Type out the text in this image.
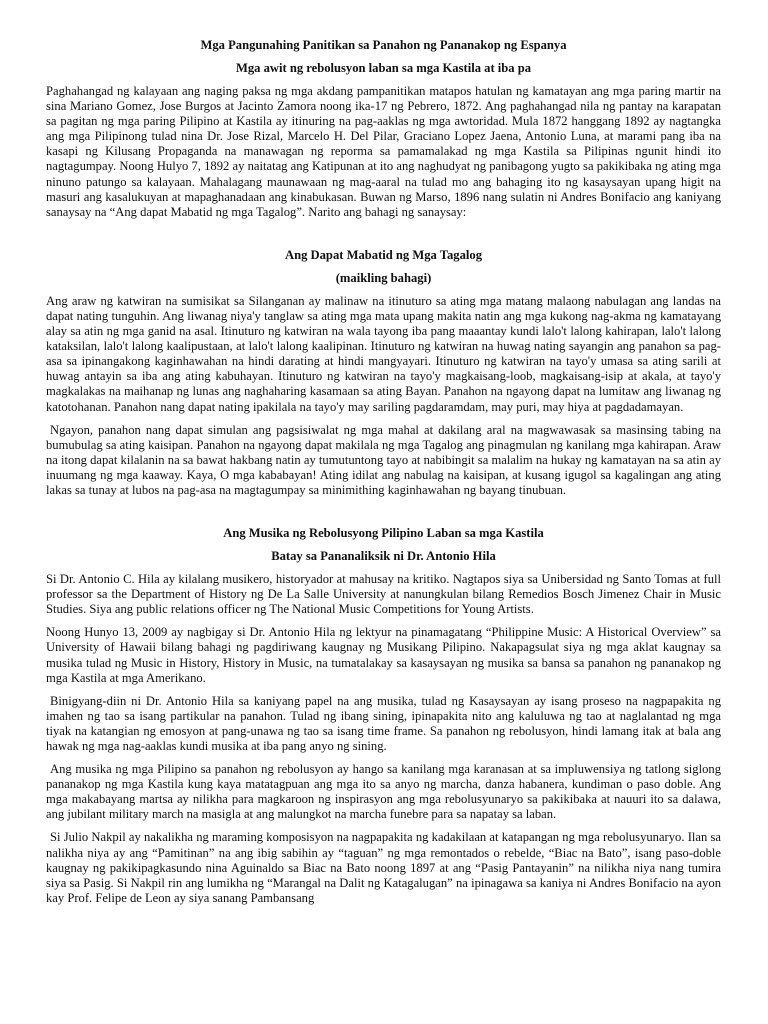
Mga Pangunahing Panitikan sa Panahon ng Pananakop ng Espanya
Mga awit ng rebolusyon laban sa mga Kastila at iba pa
Paghahangad ng kalayaan ang naging paksa ng mga akdang pampanitikan matapos hatulan ng kamatayan ang mga paring martir na sina Mariano Gomez, Jose Burgos at Jacinto Zamora noong ika-17 ng Pebrero, 1872. Ang paghahangad nila ng pantay na karapatan sa pagitan ng mga paring Pilipino at Kastila ay itinuring na pag-aaklas ng mga awtoridad. Mula 1872 hanggang 1892 ay nagtangka ang mga Pilipinong tulad nina Dr. Jose Rizal, Marcelo H. Del Pilar, Graciano Lopez Jaena, Antonio Luna, at marami pang iba na kasapi ng Kilusang Propaganda na manawagan ng reporma sa pamamalakad ng mga Kastila sa Pilipinas ngunit hindi ito nagtagumpay. Noong Hulyo 7, 1892 ay naitatag ang Katipunan at ito ang naghudyat ng panibagong yugto sa pakikibaka ng ating mga ninuno patungo sa kalayaan. Mahalagang maunawaan ng mag-aaral na tulad mo ang bahaging ito ng kasaysayan upang higit na masuri ang kasalukuyan at mapaghanadaan ang kinabukasan. Buwan ng Marso, 1896 nang sulatin ni Andres Bonifacio ang kaniyang sanaysay na “Ang dapat Mabatid ng mga Tagalog”. Narito ang bahagi ng sanaysay:
Ang Dapat Mabatid ng Mga Tagalog
(maikling bahagi)
Ang araw ng katwiran na sumisikat sa Silanganan ay malinaw na itinuturo sa ating mga matang malaong nabulagan ang landas na dapat nating tunguhin. Ang liwanag niya'y tanglaw sa ating mga mata upang makita natin ang mga kukong nag-akma ng kamatayang alay sa atin ng mga ganid na asal. Itinuturo ng katwiran na wala tayong iba pang maaantay kundi lalo't lalong kahirapan, lalo't lalong kataksilan, lalo't lalong kaalipustaan, at lalo't lalong kaalipinan. Itinuturo ng katwiran na huwag nating sayangin ang panahon sa pag-asa sa ipinangakong kaginhawahan na hindi darating at hindi mangyayari. Itinuturo ng katwiran na tayo'y umasa sa ating sarili at huwag antayin sa iba ang ating kabuhayan. Itinuturo ng katwiran na tayo'y magkaisang-loob, magkaisang-isip at akala, at tayo'y magkalakas na maihanap ng lunas ang naghaharing kasamaan sa ating Bayan. Panahon na ngayong dapat na lumitaw ang liwanag ng katotohanan. Panahon nang dapat nating ipakilala na tayo'y may sariling pagdaramdam, may puri, may hiya at pagdadamayan.
Ngayon, panahon nang dapat simulan ang pagsisiwalat ng mga mahal at dakilang aral na magwawasak sa masinsing tabing na bumubulag sa ating kaisipan. Panahon na ngayong dapat makilala ng mga Tagalog ang pinagmulan ng kanilang mga kahirapan. Araw na itong dapat kilalanin na sa bawat hakbang natin ay tumutuntong tayo at nabibingit sa malalim na hukay ng kamatayan na sa atin ay inuumang ng mga kaaway. Kaya, O mga kababayan! Ating idilat ang nabulag na kaisipan, at kusang igugol sa kagalingan ang ating lakas sa tunay at lubos na pag-asa na magtagumpay sa minimithing kaginhawahan ng bayang tinubuan.
Ang Musika ng Rebolusyong Pilipino Laban sa mga Kastila
Batay sa Pananaliksik ni Dr. Antonio Hila
Si Dr. Antonio C. Hila ay kilalang musikero, historyador at mahusay na kritiko. Nagtapos siya sa Unibersidad ng Santo Tomas at full professor sa the Department of History ng De La Salle University at nanungkulan bilang Remedios Bosch Jimenez Chair in Music Studies. Siya ang public relations officer ng The National Music Competitions for Young Artists.
Noong Hunyo 13, 2009 ay nagbigay si Dr. Antonio Hila ng lektyur na pinamagatang “Philippine Music: A Historical Overview” sa University of Hawaii bilang bahagi ng pagdiriwang kaugnay ng Musikang Pilipino. Nakapagsulat siya ng mga aklat kaugnay sa musika tulad ng Music in History, History in Music, na tumatalakay sa kasaysayan ng musika sa bansa sa panahon ng pananakop ng mga Kastila at mga Amerikano.
Binigyang-diin ni Dr. Antonio Hila sa kaniyang papel na ang musika, tulad ng Kasaysayan ay isang proseso na nagpapakita ng imahen ng tao sa isang partikular na panahon. Tulad ng ibang sining, ipinapakita nito ang kaluluwa ng tao at naglalantad ng mga tiyak na katangian ng emosyon at pang-unawa ng tao sa isang time frame. Sa panahon ng rebolusyon, hindi lamang itak at bala ang hawak ng mga nag-aaklas kundi musika at iba pang anyo ng sining.
Ang musika ng mga Pilipino sa panahon ng rebolusyon ay hango sa kanilang mga karanasan at sa impluwensiya ng tatlong siglong pananakop ng mga Kastila kung kaya matatagpuan ang mga ito sa anyo ng marcha, danza habanera, kundiman o paso doble. Ang mga makabayang martsa ay nilikha para magkaroon ng inspirasyon ang mga rebolusyunaryo sa pakikibaka at nauuri ito sa dalawa, ang jubilant military march na masigla at ang malungkot na marcha funebre para sa napatay sa laban.
Si Julio Nakpil ay nakalikha ng maraming komposisyon na nagpapakita ng kadakilaan at katapangan ng mga rebolusyunaryo. Ilan sa nalikha niya ay ang “Pamitinan” na ang ibig sabihin ay “taguan” ng mga remontados o rebelde, “Biac na Bato”, isang paso-doble kaugnay ng pakikipagkasundo nina Aguinaldo sa Biac na Bato noong 1897 at ang “Pasig Pantayanin” na nilikha niya nang tumira siya sa Pasig. Si Nakpil rin ang lumikha ng “Marangal na Dalit ng Katagalugan” na ipinagawa sa kaniya ni Andres Bonifacio na ayon kay Prof. Felipe de Leon ay siya sanang Pambansang
